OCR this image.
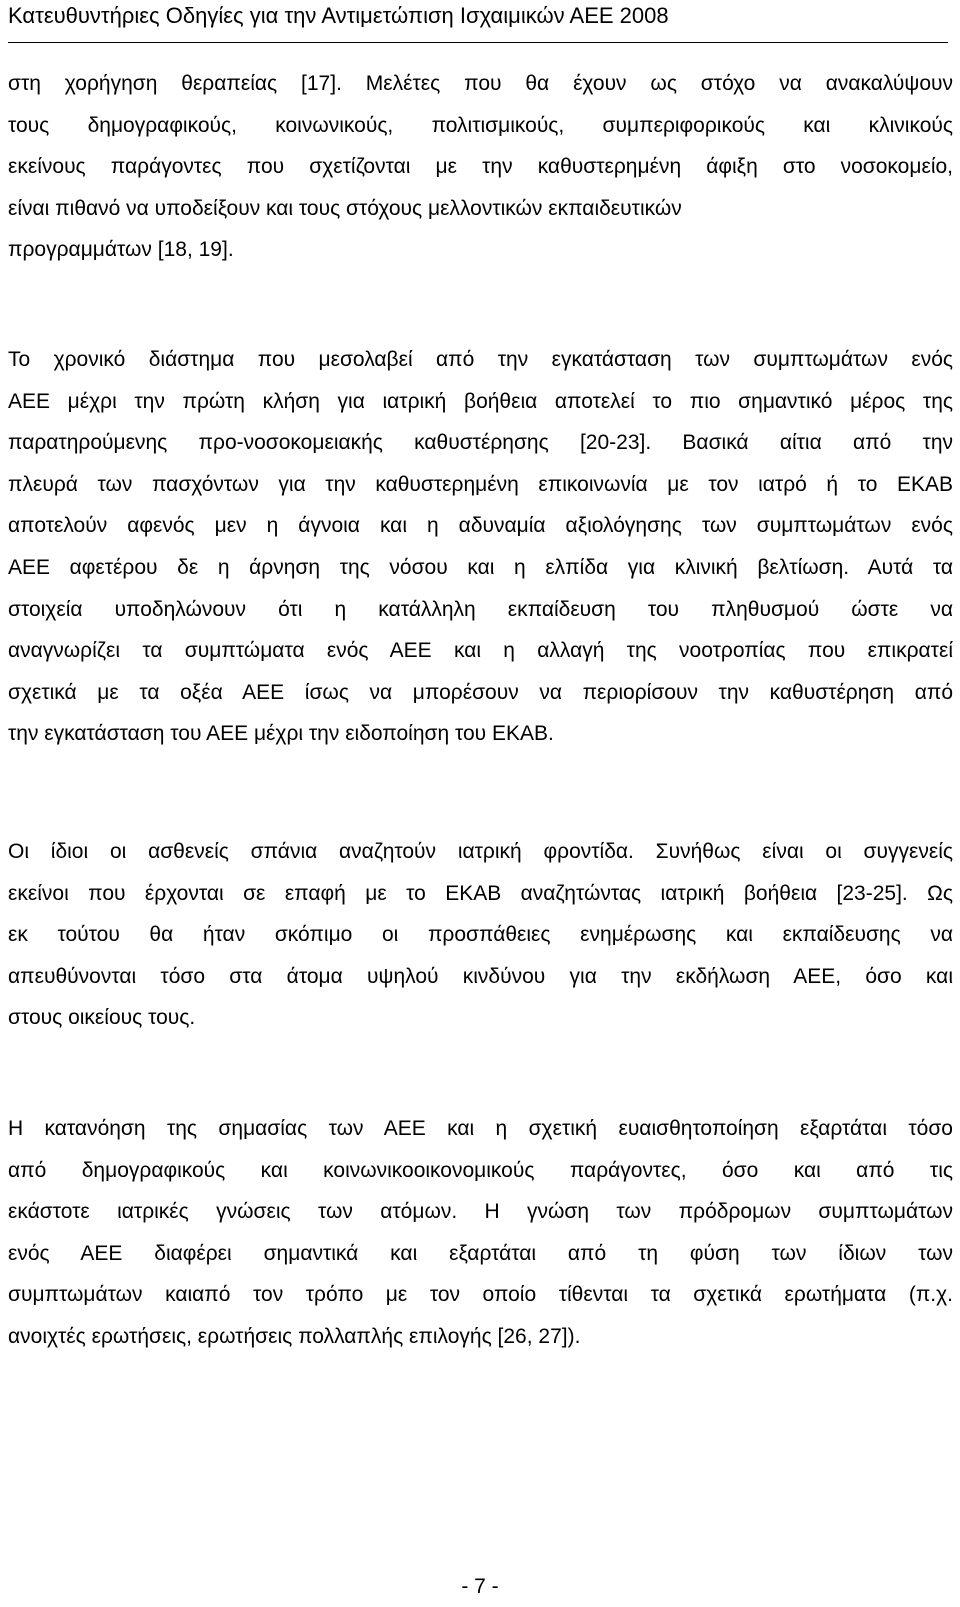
Κατευθυντήριες Οδηγίες για την Αντιμετώπιση Ισχαιμικών ΑΕΕ 2008
στη χορήγηση θεραπείας [17]. Μελέτες που θα έχουν ως στόχο να ανακαλύψουν
τους δημογραφικούς, κοινωνικούς, πολιτισμικούς, συμπεριφορικούς και κλινικούς
εκείνους παράγοντες που σχετίζονται με την καθυστερημένη άφιξη στο νοσοκομείο,
είναι πιθανό να υποδείξουν και τους στόχους μελλοντικών εκπαιδευτικών
προγραμμάτων [18, 19].
Το χρονικό διάστημα που μεσολαβεί από την εγκατάσταση των συμπτωμάτων ενός
ΑΕΕ μέχρι την πρώτη κλήση για ιατρική βοήθεια αποτελεί το πιο σημαντικό μέρος της
παρατηρούμενης προ-νοσοκομειακής καθυστέρησης [20-23]. Βασικά αίτια από την
πλευρά των πασχόντων για την καθυστερημένη επικοινωνία με τον ιατρό ή το ΕΚΑΒ
αποτελούν αφενός μεν η άγνοια και η αδυναμία αξιολόγησης των συμπτωμάτων ενός
ΑΕΕ αφετέρου δε η άρνηση της νόσου και η ελπίδα για κλινική βελτίωση. Αυτά τα
στοιχεία υποδηλώνουν ότι η κατάλληλη εκπαίδευση του πληθυσμού ώστε να
αναγνωρίζει τα συμπτώματα ενός ΑΕΕ και η αλλαγή της νοοτροπίας που επικρατεί
σχετικά με τα οξέα ΑΕΕ ίσως να μπορέσουν να περιορίσουν την καθυστέρηση από
την εγκατάσταση του ΑΕΕ μέχρι την ειδοποίηση του ΕΚΑΒ.
Οι ίδιοι οι ασθενείς σπάνια αναζητούν ιατρική φροντίδα. Συνήθως είναι οι συγγενείς
εκείνοι που έρχονται σε επαφή με το ΕΚΑΒ αναζητώντας ιατρική βοήθεια [23-25]. Ως
εκ τούτου θα ήταν σκόπιμο οι προσπάθειες ενημέρωσης και εκπαίδευσης να
απευθύνονται τόσο στα άτομα υψηλού κινδύνου για την εκδήλωση ΑΕΕ, όσο και
στους οικείους τους.
Η κατανόηση της σημασίας των ΑΕΕ και η σχετική ευαισθητοποίηση εξαρτάται τόσο
από δημογραφικούς και κοινωνικοοικονομικούς παράγοντες, όσο και από τις
εκάστοτε ιατρικές γνώσεις των ατόμων. Η γνώση των πρόδρομων συμπτωμάτων
ενός ΑΕΕ διαφέρει σημαντικά και εξαρτάται από τη φύση των ίδιων των
συμπτωμάτων καιαπό τον τρόπο με τον οποίο τίθενται τα σχετικά ερωτήματα (π.χ.
ανοιχτές ερωτήσεις, ερωτήσεις πολλαπλής επιλογής [26, 27]).
- 7 -
